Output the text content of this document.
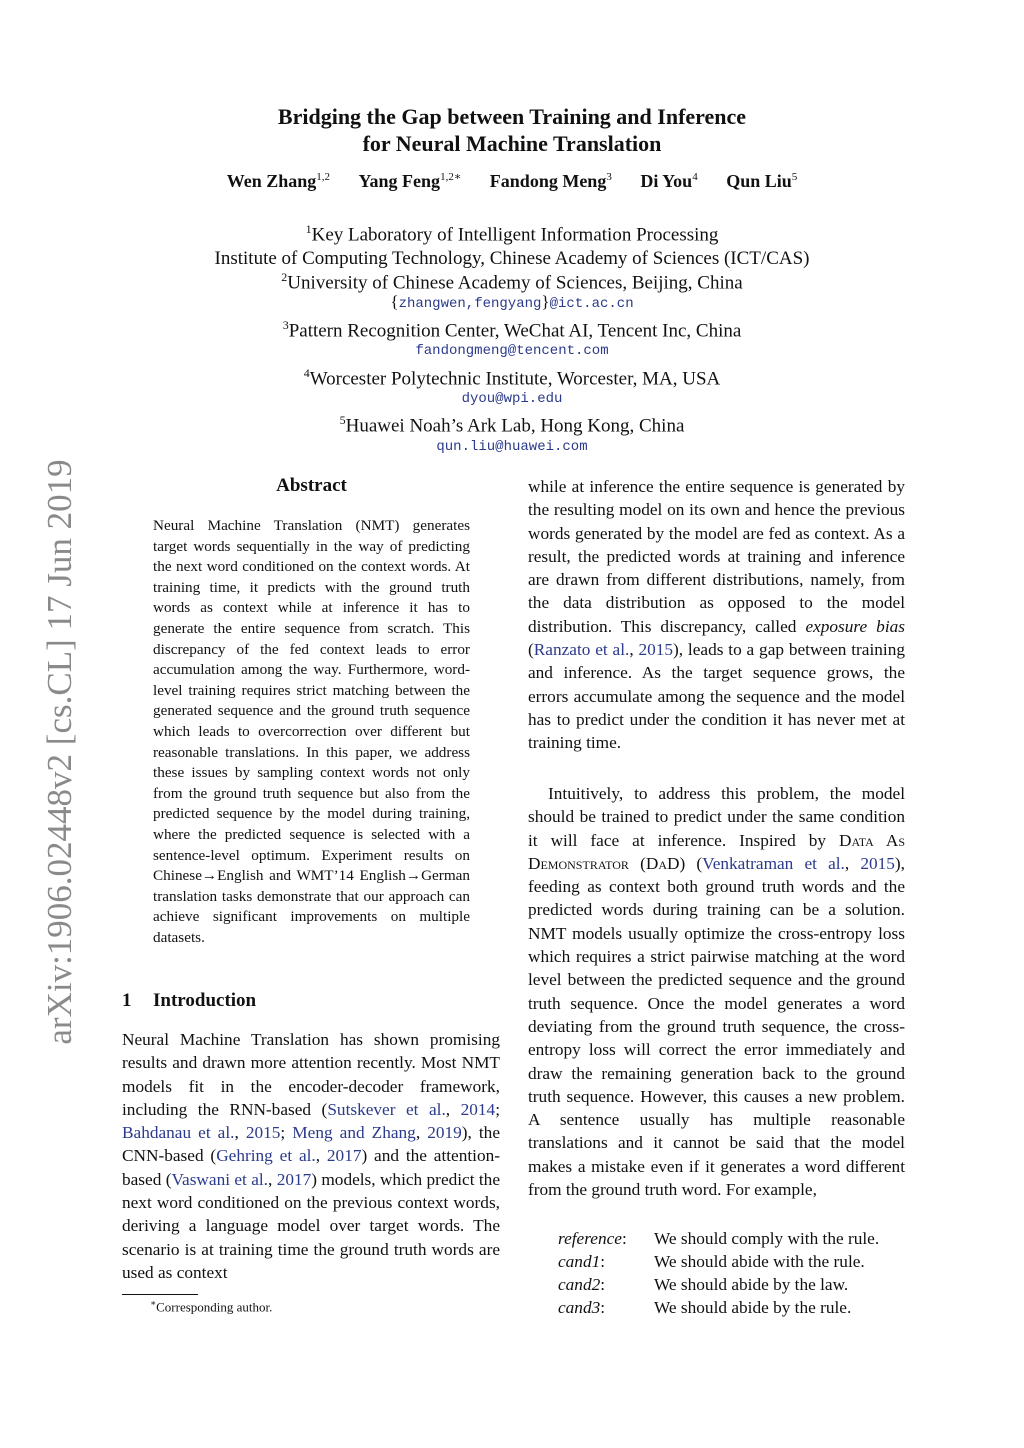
Bridging the Gap between Training and Inference
for Neural Machine Translation
Wen Zhang$^{1,2}$ Yang Feng$^{1,2∗}$ Fandong Meng$^3$ Di You$^4$ Qun Liu$^5$
$^1$Key Laboratory of Intelligent Information Processing
Institute of Computing Technology, Chinese Academy of Sciences (ICT/CAS)
$^2$University of Chinese Academy of Sciences, Beijing, China
{zhangwen,fengyang}@ict.ac.cn
$^3$Pattern Recognition Center, WeChat AI, Tencent Inc, China
fandongmeng@tencent.com
$^4$Worcester Polytechnic Institute, Worcester, MA, USA
dyou@wpi.edu
$^5$Huawei Noah’s Ark Lab, Hong Kong, China
qun.liu@huawei.com
arXiv:1906.02448v2 [cs.CL] 17 Jun 2019	Abstract
Neural Machine Translation (NMT) generates target words sequentially in the way of predicting the next word conditioned on the context words. At training time, it predicts with the ground truth words as context while at inference it has to generate the entire sequence from scratch. This discrepancy of the fed context leads to error accumulation among the way. Furthermore, word-level training requires strict matching between the generated sequence and the ground truth sequence which leads to overcorrection over different but reasonable translations. In this paper, we address these issues by sampling context words not only from the ground truth sequence but also from the predicted sequence by the model during training, where the predicted sequence is selected with a sentence-level optimum. Experiment results on Chinese→English and WMT’14 English→German translation tasks demonstrate that our approach can achieve significant improvements on multiple datasets.
1 Introduction
Neural Machine Translation has shown promising results and drawn more attention recently. Most NMT models fit in the encoder-decoder framework, including the RNN-based (Sutskever et al., 2014; Bahdanau et al., 2015; Meng and Zhang, 2019), the CNN-based (Gehring et al., 2017) and the attention-based (Vaswani et al., 2017) models, which predict the next word conditioned on the previous context words, deriving a language model over target words. The scenario is at training time the ground truth words are used as context
while at inference the entire sequence is generated by the resulting model on its own and hence the previous words generated by the model are fed as context. As a result, the predicted words at training and inference are drawn from different distributions, namely, from the data distribution as opposed to the model distribution. This discrepancy, called exposure bias (Ranzato et al., 2015), leads to a gap between training and inference. As the target sequence grows, the errors accumulate among the sequence and the model has to predict under the condition it has never met at training time.
Intuitively, to address this problem, the model should be trained to predict under the same condition it will face at inference. Inspired by Data As Demonstrator (DaD) (Venkatraman et al., 2015), feeding as context both ground truth words and the predicted words during training can be a solution. NMT models usually optimize the cross-entropy loss which requires a strict pairwise matching at the word level between the predicted sequence and the ground truth sequence. Once the model generates a word deviating from the ground truth sequence, the cross-entropy loss will correct the error immediately and draw the remaining generation back to the ground truth sequence. However, this causes a new problem. A sentence usually has multiple reasonable translations and it cannot be said that the model makes a mistake even if it generates a word different from the ground truth word. For example,
reference: We should comply with the rule.
cand1:	We should abide with the rule.
cand2:	We should abide by the law.
cand3:	We should abide by the rule.
∗Corresponding author.
